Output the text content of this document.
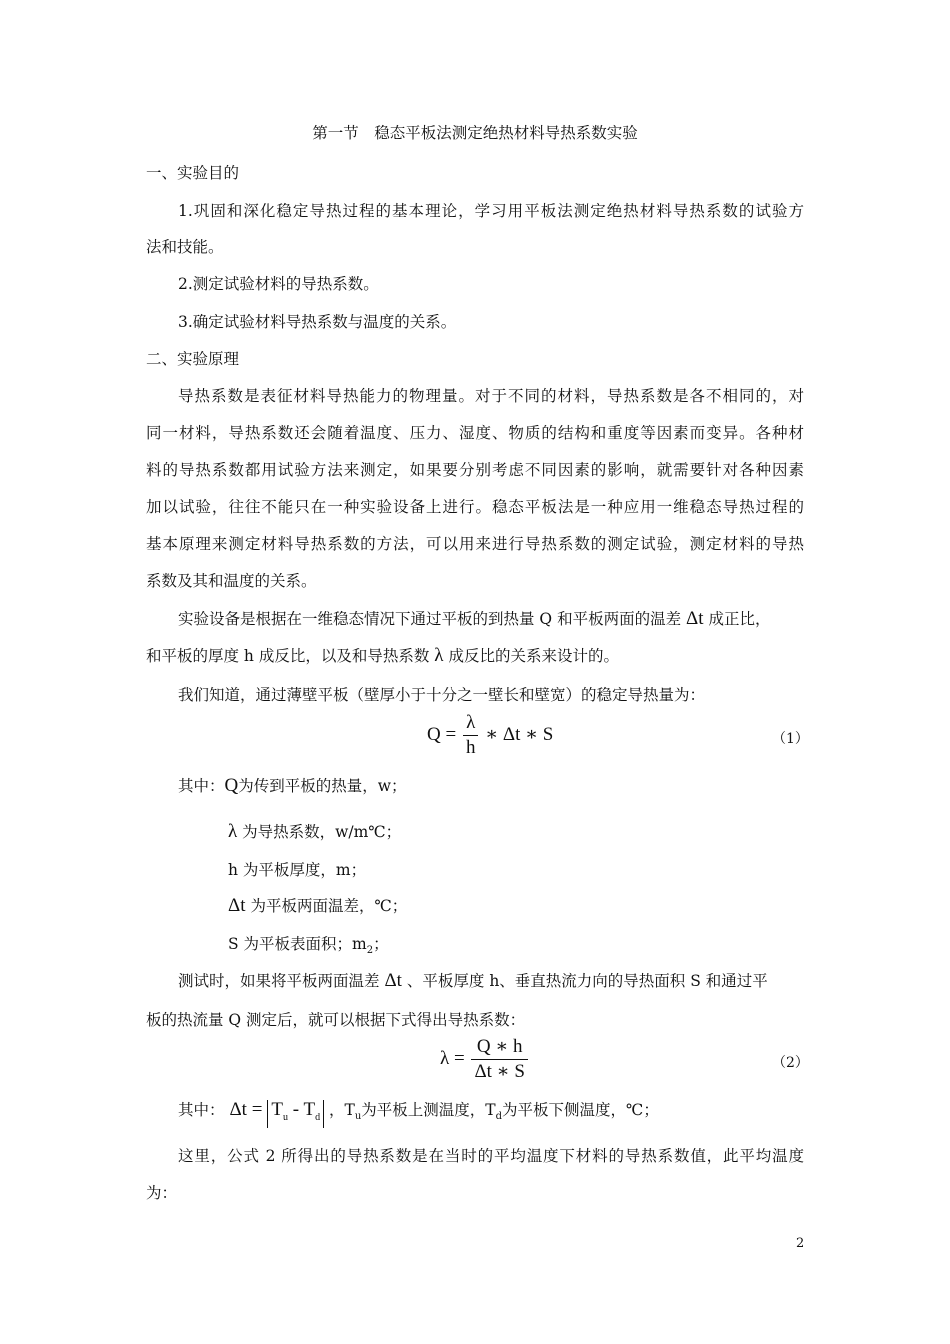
第一节　稳态平板法测定绝热材料导热系数实验
一、实验目的
1.巩固和深化稳定导热过程的基本理论，学习用平板法测定绝热材料导热系数的试验方
法和技能。
2.测定试验材料的导热系数。
3.确定试验材料导热系数与温度的关系。
二、实验原理
导热系数是表征材料导热能力的物理量。对于不同的材料，导热系数是各不相同的，对
同一材料，导热系数还会随着温度、压力、湿度、物质的结构和重度等因素而变异。各种材
料的导热系数都用试验方法来测定，如果要分别考虑不同因素的影响，就需要针对各种因素
加以试验，往往不能只在一种实验设备上进行。稳态平板法是一种应用一维稳态导热过程的
基本原理来测定材料导热系数的方法，可以用来进行导热系数的测定试验，测定材料的导热
系数及其和温度的关系。
实验设备是根据在一维稳态情况下通过平板的到热量 Q 和平板两面的温差 Δt 成正比，
和平板的厚度 h 成反比，以及和导热系数 λ 成反比的关系来设计的。
我们知道，通过薄壁平板（壁厚小于十分之一壁长和壁宽）的稳定导热量为：
$Q = \frac{\lambda}{h}$ ∗ Δt ∗ S	（1）
其中：Q为传到平板的热量，w；
λ 为导热系数，w/m℃；
h 为平板厚度，m；
Δt 为平板两面温差，℃；
S 为平板表面积；$m_2$；
测试时，如果将平板两面温差 Δt 、平板厚度 h、垂直热流力向的导热面积 S 和通过平
板的热流量 Q 测定后，就可以根据下式得出导热系数：
$\lambda = \frac{Q ∗ h}{\Delta t ∗ S}$	（2）
其中： $\Delta t = T_u - T_d$ ，$T_u$为平板上测温度，$T_d$为平板下侧温度，℃；
这里，公式 2 所得出的导热系数是在当时的平均温度下材料的导热系数值，此平均温度
为：
2
